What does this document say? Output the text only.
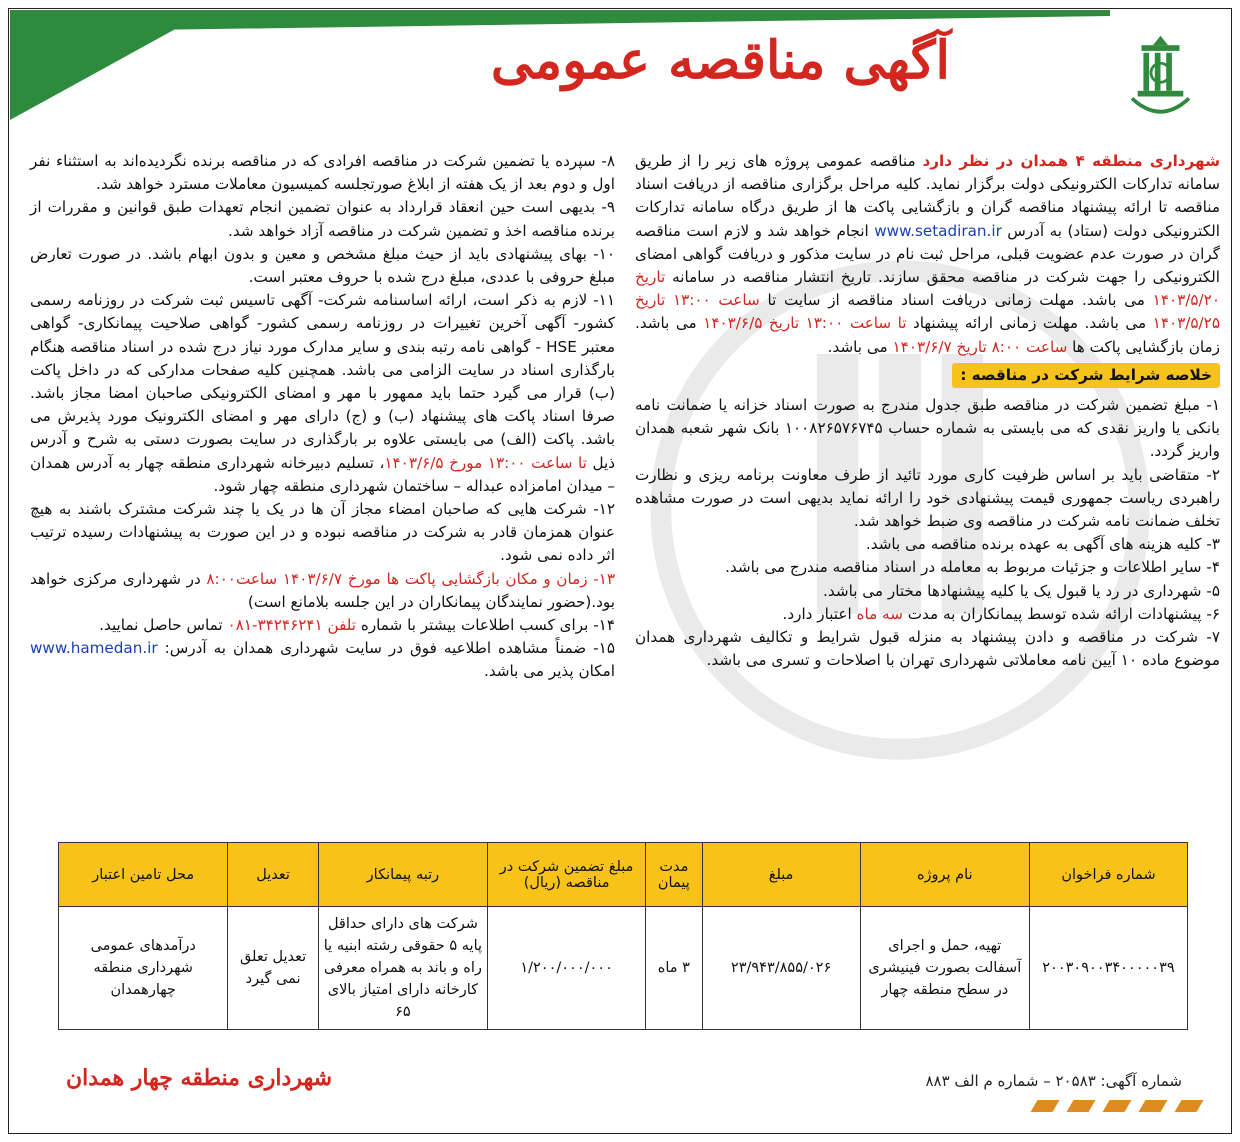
آگهی مناقصه عمومی

شهرداری منطقه ۴ همدان در نظر دارد مناقصه عمومی پروژه های زیر را از طریق سامانه تدارکات الکترونیکی دولت برگزار نماید. کلیه مراحل برگزاری مناقصه از دریافت اسناد مناقصه تا ارائه پیشنهاد مناقصه گران و بازگشایی پاکت ها از طریق درگاه سامانه تدارکات الکترونیکی دولت (ستاد) به آدرس www.setadiran.ir انجام خواهد شد و لازم است مناقصه گران در صورت عدم عضویت قبلی، مراحل ثبت نام در سایت مذکور و دریافت گواهی امضای الکترونیکی را جهت شرکت در مناقصه محقق سازند. تاریخ انتشار مناقصه در سامانه تاریخ ۱۴۰۳/۵/۲۰ می باشد. مهلت زمانی دریافت اسناد مناقصه از سایت تا ساعت ۱۳:۰۰ تاریخ ۱۴۰۳/۵/۲۵ می باشد. مهلت زمانی ارائه پیشنهاد تا ساعت ۱۳:۰۰ تاریخ ۱۴۰۳/۶/۵ می باشد. زمان بازگشایی پاکت ها ساعت ۸:۰۰ تاریخ ۱۴۰۳/۶/۷ می باشد.

خلاصه شرایط شرکت در مناقصه :

۱- مبلغ تضمین شرکت در مناقصه طبق جدول مندرج به صورت اسناد خزانه یا ضمانت نامه بانکی یا واریز نقدی که می بایستی به شماره حساب ۱۰۰۸۲۶۵۷۶۷۴۵ بانک شهر شعبه همدان واریز گردد.

۲- متقاضی باید بر اساس ظرفیت کاری مورد تائید از طرف معاونت برنامه ریزی و نظارت راهبردی ریاست جمهوری قیمت پیشنهادی خود را ارائه نماید بدیهی است در صورت مشاهده تخلف ضمانت نامه شرکت در مناقصه وی ضبط خواهد شد.

۳- کلیه هزینه های آگهی به عهده برنده مناقصه می باشد.

۴- سایر اطلاعات و جزئیات مربوط به معامله در اسناد مناقصه مندرج می باشد.

۵- شهرداری در رد یا قبول یک یا کلیه پیشنهادها مختار می باشد.

۶- پیشنهادات ارائه شده توسط پیمانکاران به مدت سه ماه اعتبار دارد.

۷- شرکت در مناقصه و دادن پیشنهاد به منزله قبول شرایط و تکالیف شهرداری همدان موضوع ماده ۱۰ آیین نامه معاملاتی شهرداری تهران با اصلاحات و تسری می باشد.

۸- سپرده یا تضمین شرکت در مناقصه افرادی که در مناقصه برنده نگردیده‌اند به استثناء نفر اول و دوم بعد از یک هفته از ابلاغ صورتجلسه کمیسیون معاملات مسترد خواهد شد.

۹- بدیهی است حین انعقاد قرارداد به عنوان تضمین انجام تعهدات طبق قوانین و مقررات از برنده مناقصه اخذ و تضمین شرکت در مناقصه آزاد خواهد شد.

۱۰- بهای پیشنهادی باید از حیث مبلغ مشخص و معین و بدون ابهام باشد. در صورت تعارض مبلغ حروفی با عددی، مبلغ درج شده با حروف معتبر است.

۱۱- لازم به ذکر است، ارائه اساسنامه شرکت- آگهی تاسیس ثبت شرکت در روزنامه رسمی کشور- آگهی آخرین تغییرات در روزنامه رسمی کشور- گواهی صلاحیت پیمانکاری- گواهی معتبر HSE - گواهی نامه رتبه بندی و سایر مدارک مورد نیاز درج شده در اسناد مناقصه هنگام بارگذاری اسناد در سایت الزامی می باشد. همچنین کلیه صفحات مدارکی که در داخل پاکت (ب) قرار می گیرد حتما باید ممهور با مهر و امضای الکترونیکی صاحبان امضا مجاز باشد. صرفا اسناد پاکت های پیشنهاد (ب) و (ج) دارای مهر و امضای الکترونیک مورد پذیرش می باشد. پاکت (الف) می بایستی علاوه بر بارگذاری در سایت بصورت دستی به شرح و آدرس ذیل تا ساعت ۱۳:۰۰ مورخ ۱۴۰۳/۶/۵، تسلیم دبیرخانه شهرداری منطقه چهار به آدرس همدان – میدان امامزاده عبداله – ساختمان شهرداری منطقه چهار شود.

۱۲- شرکت هایی که صاحبان امضاء مجاز آن ها در یک یا چند شرکت مشترک باشند به هیچ عنوان همزمان قادر به شرکت در مناقصه نبوده و در این صورت به پیشنهادات رسیده ترتیب اثر داده نمی شود.

۱۳- زمان و مکان بازگشایی پاکت ها مورخ ۱۴۰۳/۶/۷ ساعت۸:۰۰ در شهرداری مرکزی خواهد بود.(حضور نمایندگان پیمانکاران در این جلسه بلامانع است)

۱۴- برای کسب اطلاعات بیشتر با شماره تلفن ۳۴۲۴۶۲۴۱-۰۸۱ تماس حاصل نمایید.

۱۵- ضمناً مشاهده اطلاعیه فوق در سایت شهرداری همدان به آدرس: www.hamedan.ir امکان پذیر می باشد.

شماره فراخوان	نام پروژه	مبلغ	مدت پیمان	مبلغ تضمین شرکت در مناقصه (ریال)	رتبه پیمانکار	تعدیل	محل تامین اعتبار
۲۰۰۳۰۹۰۰۳۴۰۰۰۰۰۳۹	تهیه، حمل و اجرای آسفالت بصورت فینیشری در سطح منطقه چهار	۲۳/۹۴۳/۸۵۵/۰۲۶	۳ ماه	۱/۲۰۰/۰۰۰/۰۰۰	شرکت های دارای حداقل پایه ۵ حقوقی رشته ابنیه یا راه و باند به همراه معرفی کارخانه دارای امتیاز بالای ۶۵	تعدیل تعلق نمی گیرد	درآمدهای عمومی شهرداری منطقه چهارهمدان
شهرداری منطقه چهار همدان	شماره آگهی: ۲۰۵۸۳ – شماره م الف ۸۸۳
